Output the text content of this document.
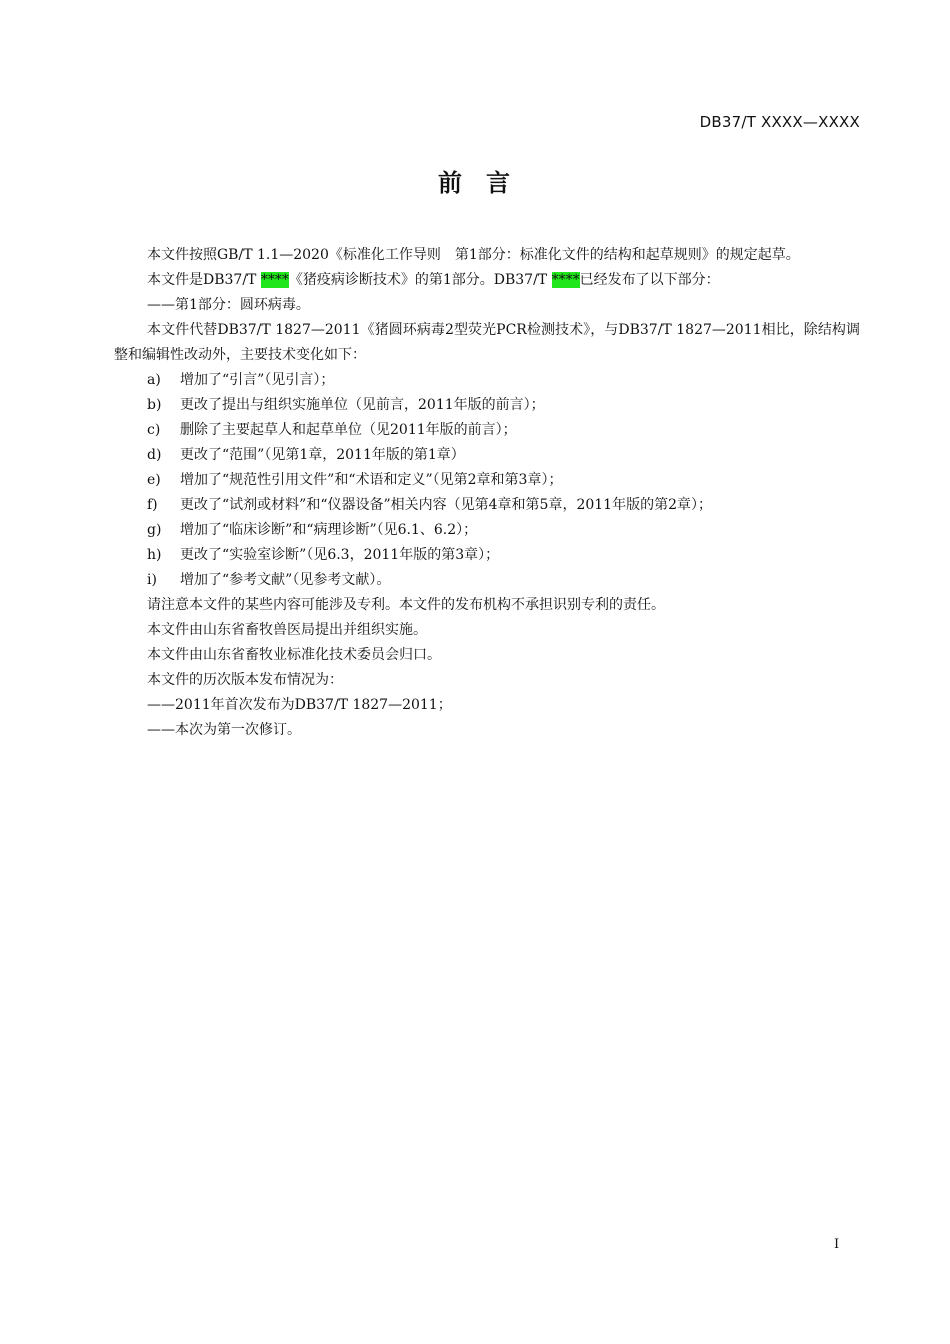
DB37/T XXXX—XXXX
前 言

本文件按照GB/T 1.1—2020《标准化工作导则　第1部分：标准化文件的结构和起草规则》的规定起草。

本文件是DB37/T ****《猪疫病诊断技术》的第1部分。DB37/T ****已经发布了以下部分：

——第1部分：圆环病毒。

本文件代替DB37/T 1827—2011《猪圆环病毒2型荧光PCR检测技术》，与DB37/T 1827—2011相比，除结构调整和编辑性改动外，主要技术变化如下：

a) 增加了“引言”（见引言）；

b) 更改了提出与组织实施单位（见前言，2011年版的前言）；

c) 删除了主要起草人和起草单位（见2011年版的前言）；

d) 更改了“范围”（见第1章，2011年版的第1章）

e) 增加了“规范性引用文件”和“术语和定义”（见第2章和第3章）；

f) 更改了“试剂或材料”和“仪器设备”相关内容（见第4章和第5章，2011年版的第2章）；

g) 增加了“临床诊断”和“病理诊断”（见6.1、6.2）；

h) 更改了“实验室诊断”（见6.3，2011年版的第3章）；

i) 增加了“参考文献”（见参考文献）。

请注意本文件的某些内容可能涉及专利。本文件的发布机构不承担识别专利的责任。

本文件由山东省畜牧兽医局提出并组织实施。

本文件由山东省畜牧业标准化技术委员会归口。

本文件的历次版本发布情况为：

——2011年首次发布为DB37/T 1827—2011；

——本次为第一次修订。

I
